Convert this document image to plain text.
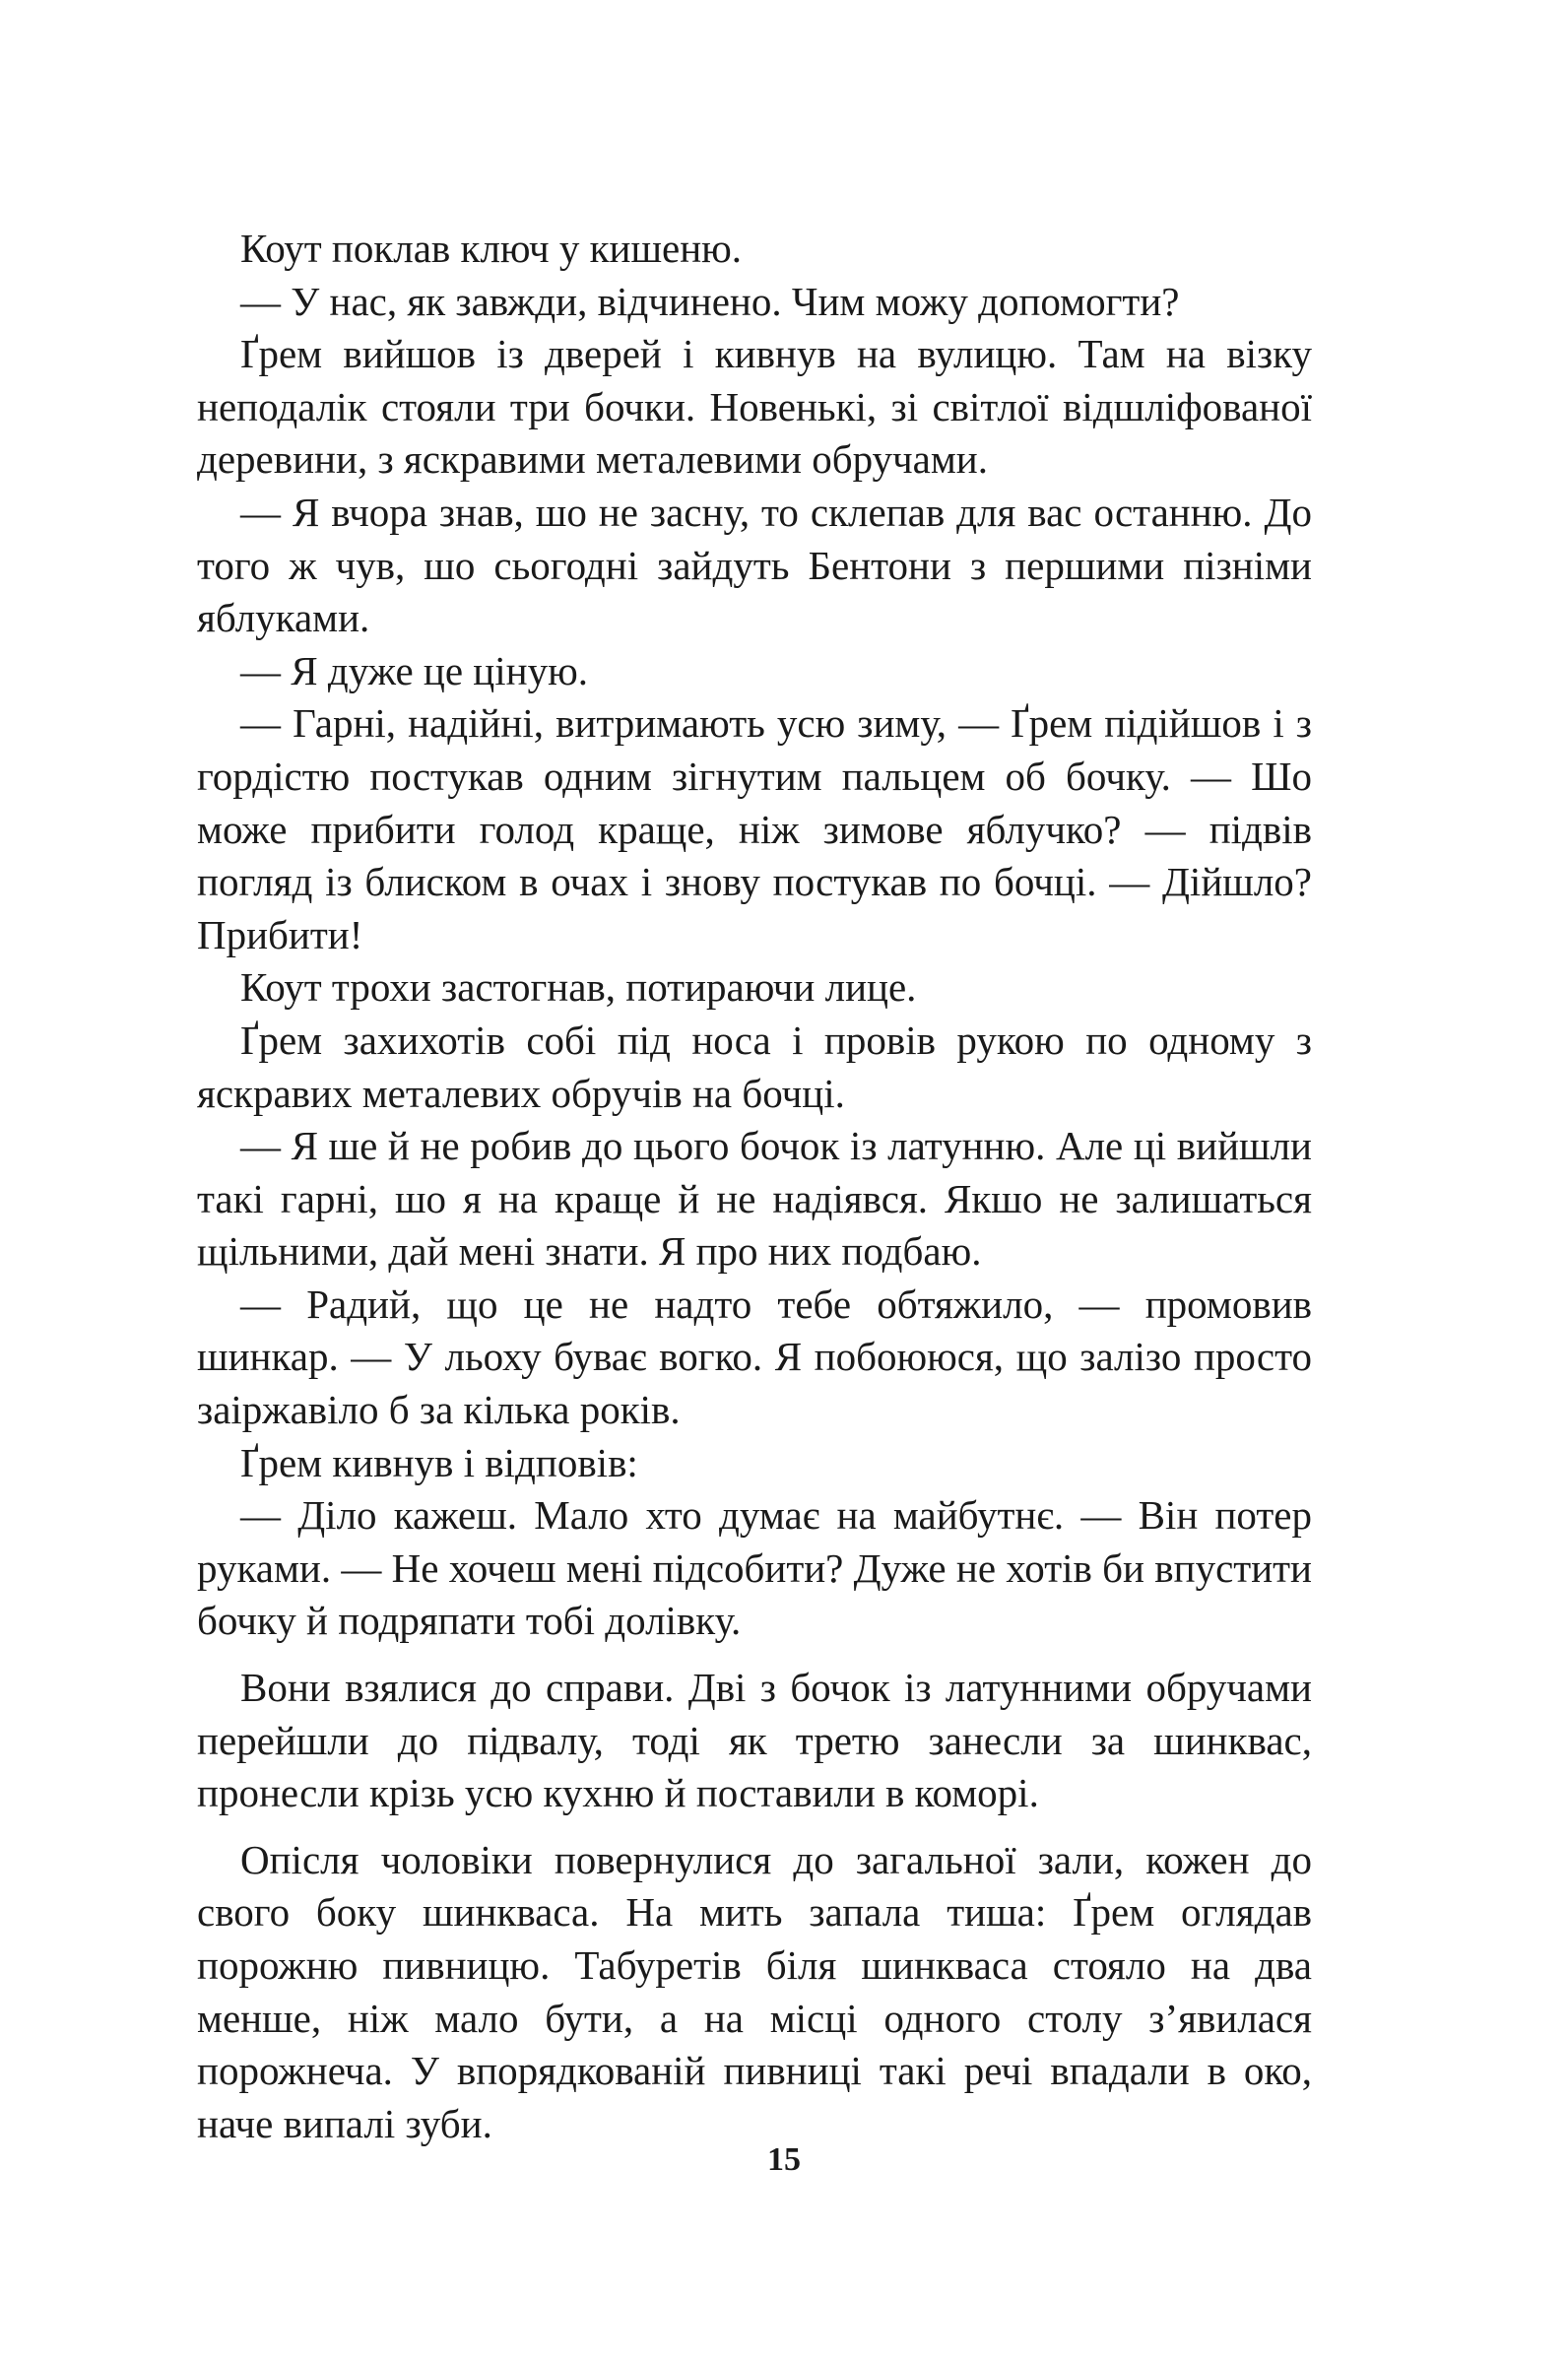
Коут поклав ключ у кишеню.

— У нас, як завжди, відчинено. Чим можу допомогти?

Ґрем вийшов із дверей і кивнув на вулицю. Там на візку неподалік стояли три бочки. Новенькі, зі світлої відшліфованої деревини, з яскравими металевими обручами.

— Я вчора знав, шо не засну, то склепав для вас останню. До того ж чув, шо сьогодні зайдуть Бентони з першими пізніми яблуками.

— Я дуже це ціную.

— Гарні, надійні, витримають усю зиму, — Ґрем підійшов і з гордістю постукав одним зігнутим пальцем об бочку. — Шо може прибити голод краще, ніж зимове яблучко? — підвів погляд із блиском в очах і знову постукав по бочці. — Дійшло? Прибити!

Коут трохи застогнав, потираючи лице.

Ґрем захихотів собі під носа і провів рукою по одному з яскравих металевих обручів на бочці.

— Я ше й не робив до цього бочок із латунню. Але ці вийшли такі гарні, шо я на краще й не надіявся. Якшо не залишаться щільними, дай мені знати. Я про них подбаю.

— Радий, що це не надто тебе обтяжило, — промовив шинкар. — У льоху буває вогко. Я побоююся, що залізо просто заіржавіло б за кілька років.

Ґрем кивнув і відповів:

— Діло кажеш. Мало хто думає на майбутнє. — Він потер руками. — Не хочеш мені підсобити? Дуже не хотів би впустити бочку й подряпати тобі долівку.

Вони взялися до справи. Дві з бочок із латунними обручами перейшли до підвалу, тоді як третю занесли за шинквас, пронесли крізь усю кухню й поставили в коморі.

Опісля чоловіки повернулися до загальної зали, кожен до свого боку шинкваса. На мить запала тиша: Ґрем оглядав порожню пивницю. Табуретів біля шинкваса стояло на два менше, ніж мало бути, а на місці одного столу з’явилася порожнеча. У впорядкованій пивниці такі речі впадали в око, наче випалі зуби.

15
